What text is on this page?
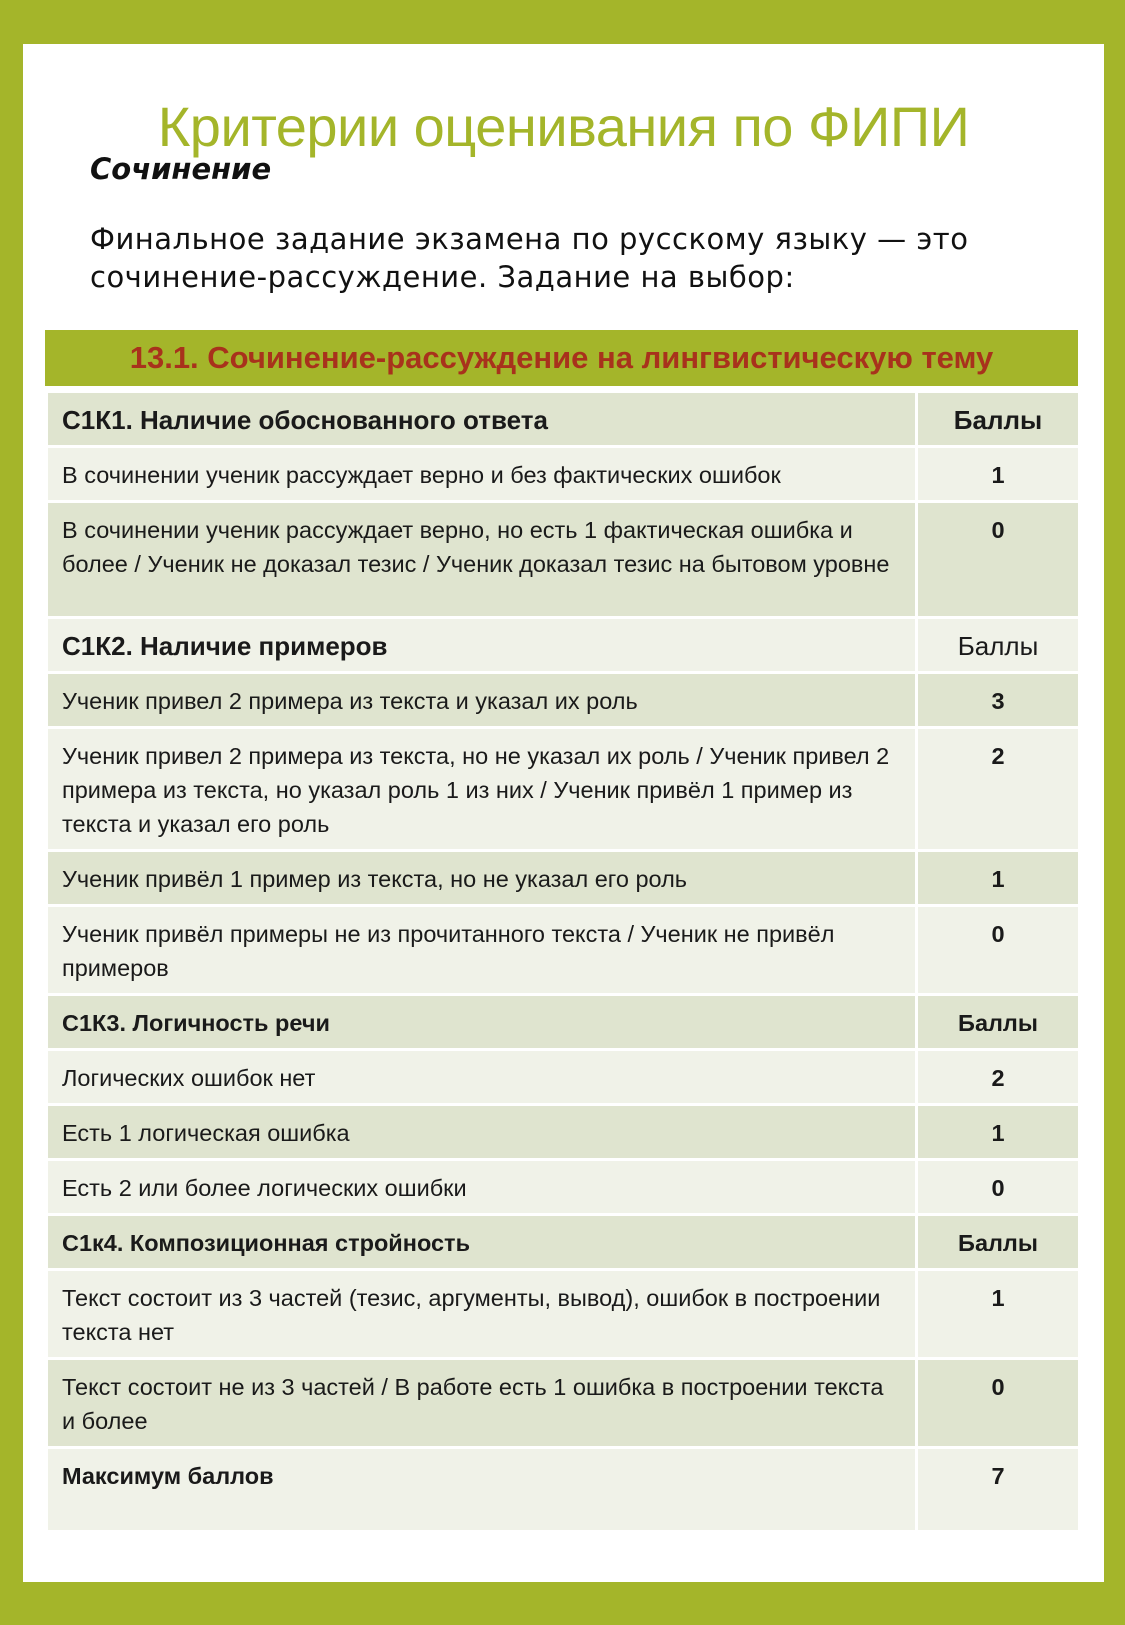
Критерии оценивания по ФИПИ
Сочинение

Финальное задание экзамена по русскому языку — это сочинение-рассуждение. Задание на выбор:

13.1. Сочинение-рассуждение на лингвистическую тему
С1К1. Наличие обоснованного ответа	Баллы
В сочинении ученик рассуждает верно и без фактических ошибок	1
В сочинении ученик рассуждает верно, но есть 1 фактическая ошибка и более / Ученик не доказал тезис / Ученик доказал тезис на бытовом уровне	0
С1К2. Наличие примеров	Баллы
Ученик привел 2 примера из текста и указал их роль	3
Ученик привел 2 примера из текста, но не указал их роль / Ученик привел 2 примера из текста, но указал роль 1 из них / Ученик привёл 1 пример из текста и указал его роль	2
Ученик привёл 1 пример из текста, но не указал его роль	1
Ученик привёл примеры не из прочитанного текста / Ученик не привёл примеров	0
С1К3. Логичность речи	Баллы
Логических ошибок нет	2
Есть 1 логическая ошибка	1
Есть 2 или более логических ошибки	0
С1к4. Композиционная стройность	Баллы
Текст состоит из 3 частей (тезис, аргументы, вывод), ошибок в построении текста нет	1
Текст состоит не из 3 частей / В работе есть 1 ошибка в построении текста и более	0
Максимум баллов	7
